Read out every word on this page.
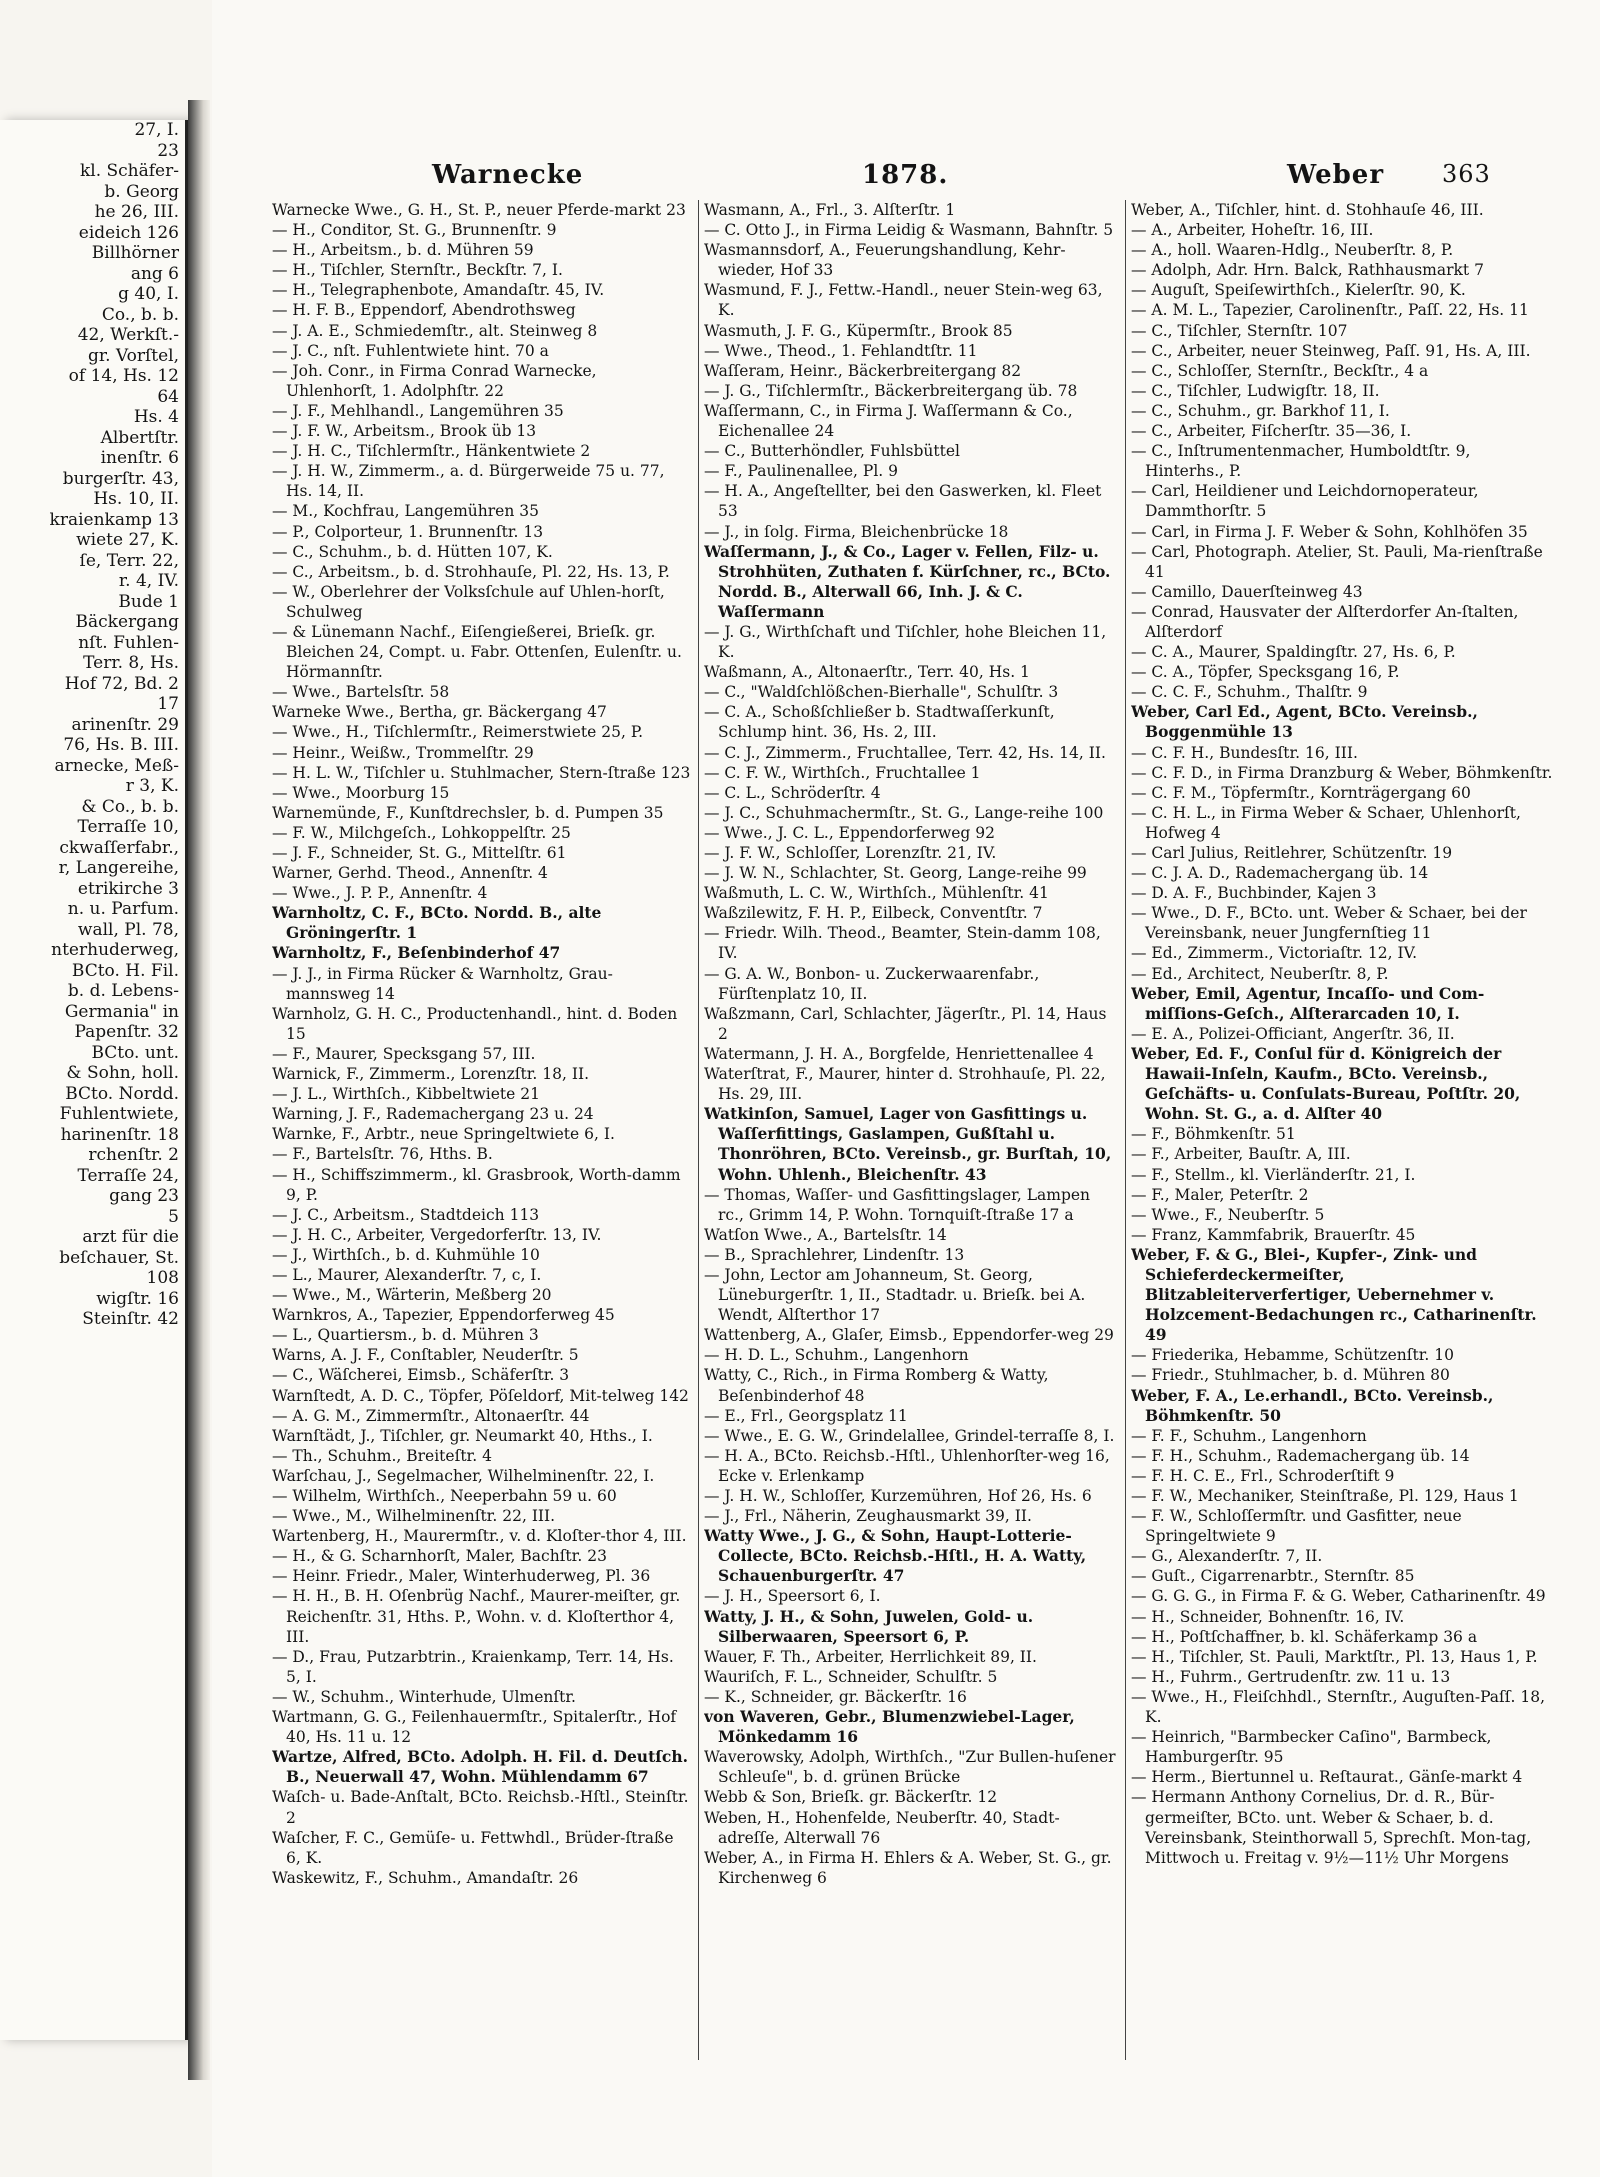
27, I.
23
kl. Schäfer-
b. Georg
he 26, III.
eideich 126
Billhörner
ang 6
g 40, I.
Co., b. b.
42, Werkſt.-
gr. Vorſtel,
of 14, Hs. 12
64
Hs. 4
Albertſtr.
inenſtr. 6
burgerſtr. 43,
Hs. 10, II.
kraienkamp 13
wiete 27, K.
ſe, Terr. 22,
r. 4, IV.
Bude 1
Bäckergang
nſt. Fuhlen-
Terr. 8, Hs.
Hof 72, Bd. 2
17
arinenſtr. 29
76, Hs. B. III.
arnecke, Meß-
r 3, K.
& Co., b. b.
Terraſſe 10,
ckwaſſerfabr.,
r, Langereihe,
etrikirche 3
n. u. Parfum.
wall, Pl. 78,
nterhuderweg,
BCto. H. Fil.
b. d. Lebens-
Germania" in
Papenſtr. 32
BCto. unt.
& Sohn, holl.
BCto. Nordd.
Fuhlentwiete,
harinenſtr. 18
rchenſtr. 2
Terraſſe 24,
gang 23
5
arzt für die
beſchauer, St.
108
wigſtr. 16
Steinſtr. 42
Warnecke	1878.	Weber 363

Warnecke Wwe., G. H., St. P., neuer Pferde-markt 23

— H., Conditor, St. G., Brunnenſtr. 9

— H., Arbeitsm., b. d. Mühren 59

— H., Tiſchler, Sternſtr., Beckſtr. 7, I.

— H., Telegraphenbote, Amandaſtr. 45, IV.

— H. F. B., Eppendorf, Abendrothsweg

— J. A. E., Schmiedemſtr., alt. Steinweg 8

— J. C., nſt. Fuhlentwiete hint. 70 a

— Joh. Conr., in Firma Conrad Warnecke, Uhlenhorſt, 1. Adolphſtr. 22

— J. F., Mehlhandl., Langemühren 35

— J. F. W., Arbeitsm., Brook üb 13

— J. H. C., Tiſchlermſtr., Hänkentwiete 2

— J. H. W., Zimmerm., a. d. Bürgerweide 75 u. 77, Hs. 14, II.

— M., Kochfrau, Langemühren 35

— P., Colporteur, 1. Brunnenſtr. 13

— C., Schuhm., b. d. Hütten 107, K.

— C., Arbeitsm., b. d. Strohhauſe, Pl. 22, Hs. 13, P.

— W., Oberlehrer der Volksſchule auf Uhlen-horſt, Schulweg

— & Lünemann Nachf., Eiſengießerei, Brieſk. gr. Bleichen 24, Compt. u. Fabr. Ottenſen, Eulenſtr. u. Hörmannſtr.

— Wwe., Bartelsſtr. 58

Warneke Wwe., Bertha, gr. Bäckergang 47

— Wwe., H., Tiſchlermſtr., Reimerstwiete 25, P.

— Heinr., Weißw., Trommelſtr. 29

— H. L. W., Tiſchler u. Stuhlmacher, Stern-ſtraße 123

— Wwe., Moorburg 15

Warnemünde, F., Kunſtdrechsler, b. d. Pumpen 35

— F. W., Milchgeſch., Lohkoppelſtr. 25

— J. F., Schneider, St. G., Mittelſtr. 61

Warner, Gerhd. Theod., Annenſtr. 4

— Wwe., J. P. P., Annenſtr. 4

Warnholtz, C. F., BCto. Nordd. B., alte Gröningerſtr. 1

Warnholtz, F., Beſenbinderhof 47

— J. J., in Firma Rücker & Warnholtz, Grau-mannsweg 14

Warnholz, G. H. C., Productenhandl., hint. d. Boden 15

— F., Maurer, Specksgang 57, III.

Warnick, F., Zimmerm., Lorenzſtr. 18, II.

— J. L., Wirthſch., Kibbeltwiete 21

Warning, J. F., Rademachergang 23 u. 24

Warnke, F., Arbtr., neue Springeltwiete 6, I.

— F., Bartelsſtr. 76, Hths. B.

— H., Schiffszimmerm., kl. Grasbrook, Worth-damm 9, P.

— J. C., Arbeitsm., Stadtdeich 113

— J. H. C., Arbeiter, Vergedorferſtr. 13, IV.

— J., Wirthſch., b. d. Kuhmühle 10

— L., Maurer, Alexanderſtr. 7, c, I.

— Wwe., M., Wärterin, Meßberg 20

Warnkros, A., Tapezier, Eppendorferweg 45

— L., Quartiersm., b. d. Mühren 3

Warns, A. J. F., Conſtabler, Neuderſtr. 5

— C., Wäſcherei, Eimsb., Schäferſtr. 3

Warnſtedt, A. D. C., Töpfer, Pöſeldorf, Mit-telweg 142

— A. G. M., Zimmermſtr., Altonaerſtr. 44

Warnſtädt, J., Tiſchler, gr. Neumarkt 40, Hths., I.

— Th., Schuhm., Breiteſtr. 4

Warſchau, J., Segelmacher, Wilhelminenſtr. 22, I.

— Wilhelm, Wirthſch., Neeperbahn 59 u. 60

— Wwe., M., Wilhelminenſtr. 22, III.

Wartenberg, H., Maurermſtr., v. d. Kloſter-thor 4, III.

— H., & G. Scharnhorſt, Maler, Bachſtr. 23

— Heinr. Friedr., Maler, Winterhuderweg, Pl. 36

— H. H., B. H. Oſenbrüg Nachf., Maurer-meiſter, gr. Reichenſtr. 31, Hths. P., Wohn. v. d. Kloſterthor 4, III.

— D., Frau, Putzarbtrin., Kraienkamp, Terr. 14, Hs. 5, I.

— W., Schuhm., Winterhude, Ulmenſtr.

Wartmann, G. G., Feilenhauermſtr., Spitalerſtr., Hof 40, Hs. 11 u. 12

Wartze, Alfred, BCto. Adolph. H. Fil. d. Deutſch. B., Neuerwall 47, Wohn. Mühlendamm 67

Waſch- u. Bade-Anſtalt, BCto. Reichsb.-Hſtl., Steinſtr. 2

Waſcher, F. C., Gemüſe- u. Fettwhdl., Brüder-ſtraße 6, K.

Waskewitz, F., Schuhm., Amandaſtr. 26

Wasmann, A., Frl., 3. Alſterſtr. 1

— C. Otto J., in Firma Leidig & Wasmann, Bahnſtr. 5

Wasmannsdorf, A., Feuerungshandlung, Kehr-wieder, Hof 33

Wasmund, F. J., Fettw.-Handl., neuer Stein-weg 63, K.

Wasmuth, J. F. G., Küpermſtr., Brook 85

— Wwe., Theod., 1. Fehlandtſtr. 11

Waſſeram, Heinr., Bäckerbreitergang 82

— J. G., Tiſchlermſtr., Bäckerbreitergang üb. 78

Waſſermann, C., in Firma J. Waſſermann & Co., Eichenallee 24

— C., Butterhöndler, Fuhlsbüttel

— F., Paulinenallee, Pl. 9

— H. A., Angeſtellter, bei den Gaswerken, kl. Fleet 53

— J., in ſolg. Firma, Bleichenbrücke 18

Waſſermann, J., & Co., Lager v. Fellen, Filz- u. Strohhüten, Zuthaten f. Kürſchner, rc., BCto. Nordd. B., Alterwall 66, Inh. J. & C. Waſſermann

— J. G., Wirthſchaft und Tiſchler, hohe Bleichen 11, K.

Waßmann, A., Altonaerſtr., Terr. 40, Hs. 1

— C., "Waldſchlößchen-Bierhalle", Schulſtr. 3

— C. A., Schoßſchließer b. Stadtwaſſerkunſt, Schlump hint. 36, Hs. 2, III.

— C. J., Zimmerm., Fruchtallee, Terr. 42, Hs. 14, II.

— C. F. W., Wirthſch., Fruchtallee 1

— C. L., Schröderſtr. 4

— J. C., Schuhmachermſtr., St. G., Lange-reihe 100

— Wwe., J. C. L., Eppendorferweg 92

— J. F. W., Schloſſer, Lorenzſtr. 21, IV.

— J. W. N., Schlachter, St. Georg, Lange-reihe 99

Waßmuth, L. C. W., Wirthſch., Mühlenſtr. 41

Waßzilewitz, F. H. P., Eilbeck, Conventſtr. 7

— Friedr. Wilh. Theod., Beamter, Stein-damm 108, IV.

— G. A. W., Bonbon- u. Zuckerwaarenfabr., Fürſtenplatz 10, II.

Waßzmann, Carl, Schlachter, Jägerſtr., Pl. 14, Haus 2

Watermann, J. H. A., Borgfelde, Henriettenallee 4

Waterſtrat, F., Maurer, hinter d. Strohhauſe, Pl. 22, Hs. 29, III.

Watkinſon, Samuel, Lager von Gasfittings u. Waſſerfittings, Gaslampen, Gußſtahl u. Thonröhren, BCto. Vereinsb., gr. Burſtah, 10, Wohn. Uhlenh., Bleichenſtr. 43

— Thomas, Waſſer- und Gasfittingslager, Lampen rc., Grimm 14, P. Wohn. Tornquiſt-ſtraße 17 a

Watſon Wwe., A., Bartelsſtr. 14

— B., Sprachlehrer, Lindenſtr. 13

— John, Lector am Johanneum, St. Georg, Lüneburgerſtr. 1, II., Stadtadr. u. Brieſk. bei A. Wendt, Alſterthor 17

Wattenberg, A., Glaſer, Eimsb., Eppendorfer-weg 29

— H. D. L., Schuhm., Langenhorn

Watty, C., Rich., in Firma Romberg & Watty, Beſenbinderhof 48

— E., Frl., Georgsplatz 11

— Wwe., E. G. W., Grindelallee, Grindel-terraſſe 8, I.

— H. A., BCto. Reichsb.-Hſtl., Uhlenhorſter-weg 16, Ecke v. Erlenkamp

— J. H. W., Schloſſer, Kurzemühren, Hof 26, Hs. 6

— J., Frl., Näherin, Zeughausmarkt 39, II.

Watty Wwe., J. G., & Sohn, Haupt-Lotterie-Collecte, BCto. Reichsb.-Hſtl., H. A. Watty, Schauenburgerſtr. 47

— J. H., Speersort 6, I.

Watty, J. H., & Sohn, Juwelen, Gold- u. Silberwaaren, Speersort 6, P.

Wauer, F. Th., Arbeiter, Herrlichkeit 89, II.

Wauriſch, F. L., Schneider, Schulſtr. 5

— K., Schneider, gr. Bäckerſtr. 16

von Waveren, Gebr., Blumenzwiebel-Lager, Mönkedamm 16

Waverowsky, Adolph, Wirthſch., "Zur Bullen-huſener Schleuſe", b. d. grünen Brücke

Webb & Son, Brieſk. gr. Bäckerſtr. 12

Weben, H., Hohenfelde, Neuberſtr. 40, Stadt-adreſſe, Alterwall 76

Weber, A., in Firma H. Ehlers & A. Weber, St. G., gr. Kirchenweg 6

Weber, A., Tiſchler, hint. d. Stohhauſe 46, III.

— A., Arbeiter, Hoheſtr. 16, III.

— A., holl. Waaren-Hdlg., Neuberſtr. 8, P.

— Adolph, Adr. Hrn. Balck, Rathhausmarkt 7

— Auguſt, Speiſewirthſch., Kielerſtr. 90, K.

— A. M. L., Tapezier, Carolinenſtr., Paſſ. 22, Hs. 11

— C., Tiſchler, Sternſtr. 107

— C., Arbeiter, neuer Steinweg, Paſſ. 91, Hs. A, III.

— C., Schloſſer, Sternſtr., Beckſtr., 4 a

— C., Tiſchler, Ludwigſtr. 18, II.

— C., Schuhm., gr. Barkhof 11, I.

— C., Arbeiter, Fiſcherſtr. 35—36, I.

— C., Inſtrumentenmacher, Humboldtſtr. 9, Hinterhs., P.

— Carl, Heildiener und Leichdornoperateur, Dammthorſtr. 5

— Carl, in Firma J. F. Weber & Sohn, Kohlhöfen 35

— Carl, Photograph. Atelier, St. Pauli, Ma-rienſtraße 41

— Camillo, Dauerſteinweg 43

— Conrad, Hausvater der Alſterdorfer An-ſtalten, Alſterdorf

— C. A., Maurer, Spaldingſtr. 27, Hs. 6, P.

— C. A., Töpfer, Specksgang 16, P.

— C. C. F., Schuhm., Thalſtr. 9

Weber, Carl Ed., Agent, BCto. Vereinsb., Boggenmühle 13

— C. F. H., Bundesſtr. 16, III.

— C. F. D., in Firma Dranzburg & Weber, Böhmkenſtr.

— C. F. M., Töpfermſtr., Kornträgergang 60

— C. H. L., in Firma Weber & Schaer, Uhlenhorſt, Hofweg 4

— Carl Julius, Reitlehrer, Schützenſtr. 19

— C. J. A. D., Rademachergang üb. 14

— D. A. F., Buchbinder, Kajen 3

— Wwe., D. F., BCto. unt. Weber & Schaer, bei der Vereinsbank, neuer Jungfernſtieg 11

— Ed., Zimmerm., Victoriaſtr. 12, IV.

— Ed., Architect, Neuberſtr. 8, P.

Weber, Emil, Agentur, Incaſſo- und Com-miſſions-Geſch., Alſterarcaden 10, I.

— E. A., Polizei-Officiant, Angerſtr. 36, II.

Weber, Ed. F., Conſul für d. Königreich der Hawaii-Inſeln, Kaufm., BCto. Vereinsb., Geſchäfts- u. Conſulats-Bureau, Poſtſtr. 20, Wohn. St. G., a. d. Alſter 40

— F., Böhmkenſtr. 51

— F., Arbeiter, Bauſtr. A, III.

— F., Stellm., kl. Vierländerſtr. 21, I.

— F., Maler, Peterſtr. 2

— Wwe., F., Neuberſtr. 5

— Franz, Kammfabrik, Brauerſtr. 45

Weber, F. & G., Blei-, Kupfer-, Zink- und Schieferdeckermeiſter, Blitzableiterverfertiger, Uebernehmer v. Holzcement-Bedachungen rc., Catharinenſtr. 49

— Friederika, Hebamme, Schützenſtr. 10

— Friedr., Stuhlmacher, b. d. Mühren 80

Weber, F. A., Le.erhandl., BCto. Vereinsb., Böhmkenſtr. 50

— F. F., Schuhm., Langenhorn

— F. H., Schuhm., Rademachergang üb. 14

— F. H. C. E., Frl., Schroderſtift 9

— F. W., Mechaniker, Steinſtraße, Pl. 129, Haus 1

— F. W., Schloſſermſtr. und Gasfitter, neue Springeltwiete 9

— G., Alexanderſtr. 7, II.

— Guſt., Cigarrenarbtr., Sternſtr. 85

— G. G. G., in Firma F. & G. Weber, Catharinenſtr. 49

— H., Schneider, Bohnenſtr. 16, IV.

— H., Poſtſchaffner, b. kl. Schäferkamp 36 a

— H., Tiſchler, St. Pauli, Marktſtr., Pl. 13, Haus 1, P.

— H., Fuhrm., Gertrudenſtr. zw. 11 u. 13

— Wwe., H., Fleiſchhdl., Sternſtr., Auguſten-Paſſ. 18, K.

— Heinrich, "Barmbecker Caſino", Barmbeck, Hamburgerſtr. 95

— Herm., Biertunnel u. Reſtaurat., Gänſe-markt 4

— Hermann Anthony Cornelius, Dr. d. R., Bür-germeiſter, BCto. unt. Weber & Schaer, b. d. Vereinsbank, Steinthorwall 5, Sprechſt. Mon-tag, Mittwoch u. Freitag v. 9½—11½ Uhr Morgens
